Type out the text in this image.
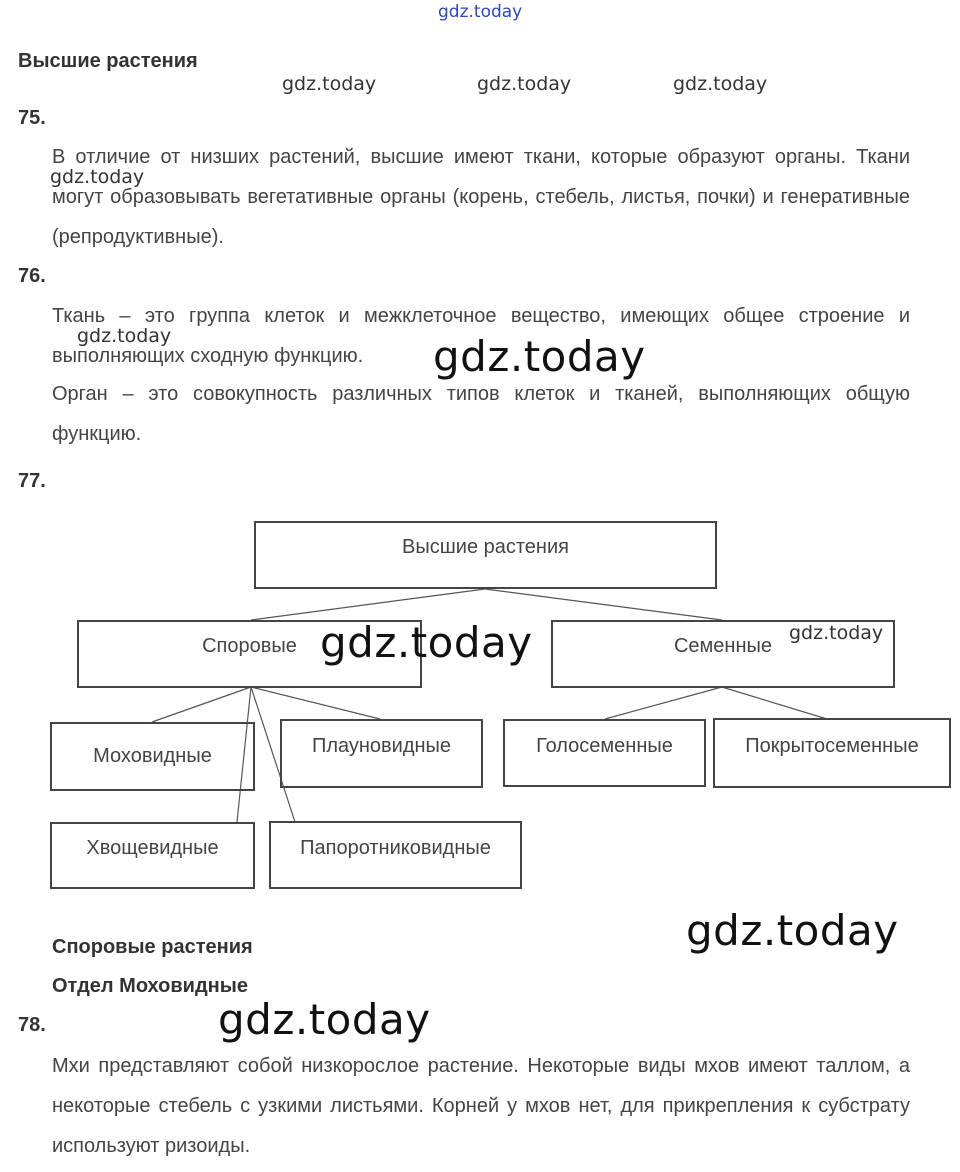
gdz.today
Высшие растения
gdz.today	gdz.today	gdz.today
75.
В отличие от низших растений, высшие имеют ткани, которые образуют органы. Ткани могут образовывать вегетативные органы (корень, стебель, листья, почки) и генеративные (репродуктивные).
gdz.today
76.
Ткань – это группа клеток и межклеточное вещество, имеющих общее строение и выполняющих сходную функцию.
Орган – это совокупность различных типов клеток и тканей, выполняющих общую функцию.
gdz.today	gdz.today
77.
Высшие растения
Споровые	Семенные
Моховидные	Плауновидные	Голосеменные	Покрытосеменные
Хвощевидные	Папоротниковидные
gdz.today	gdz.today
Споровые растения
Отдел Моховидные
gdz.today
78.	gdz.today
Мхи представляют собой низкорослое растение. Некоторые виды мхов имеют таллом, а некоторые стебель с узкими листьями. Корней у мхов нет, для прикрепления к субстрату используют ризоиды.
